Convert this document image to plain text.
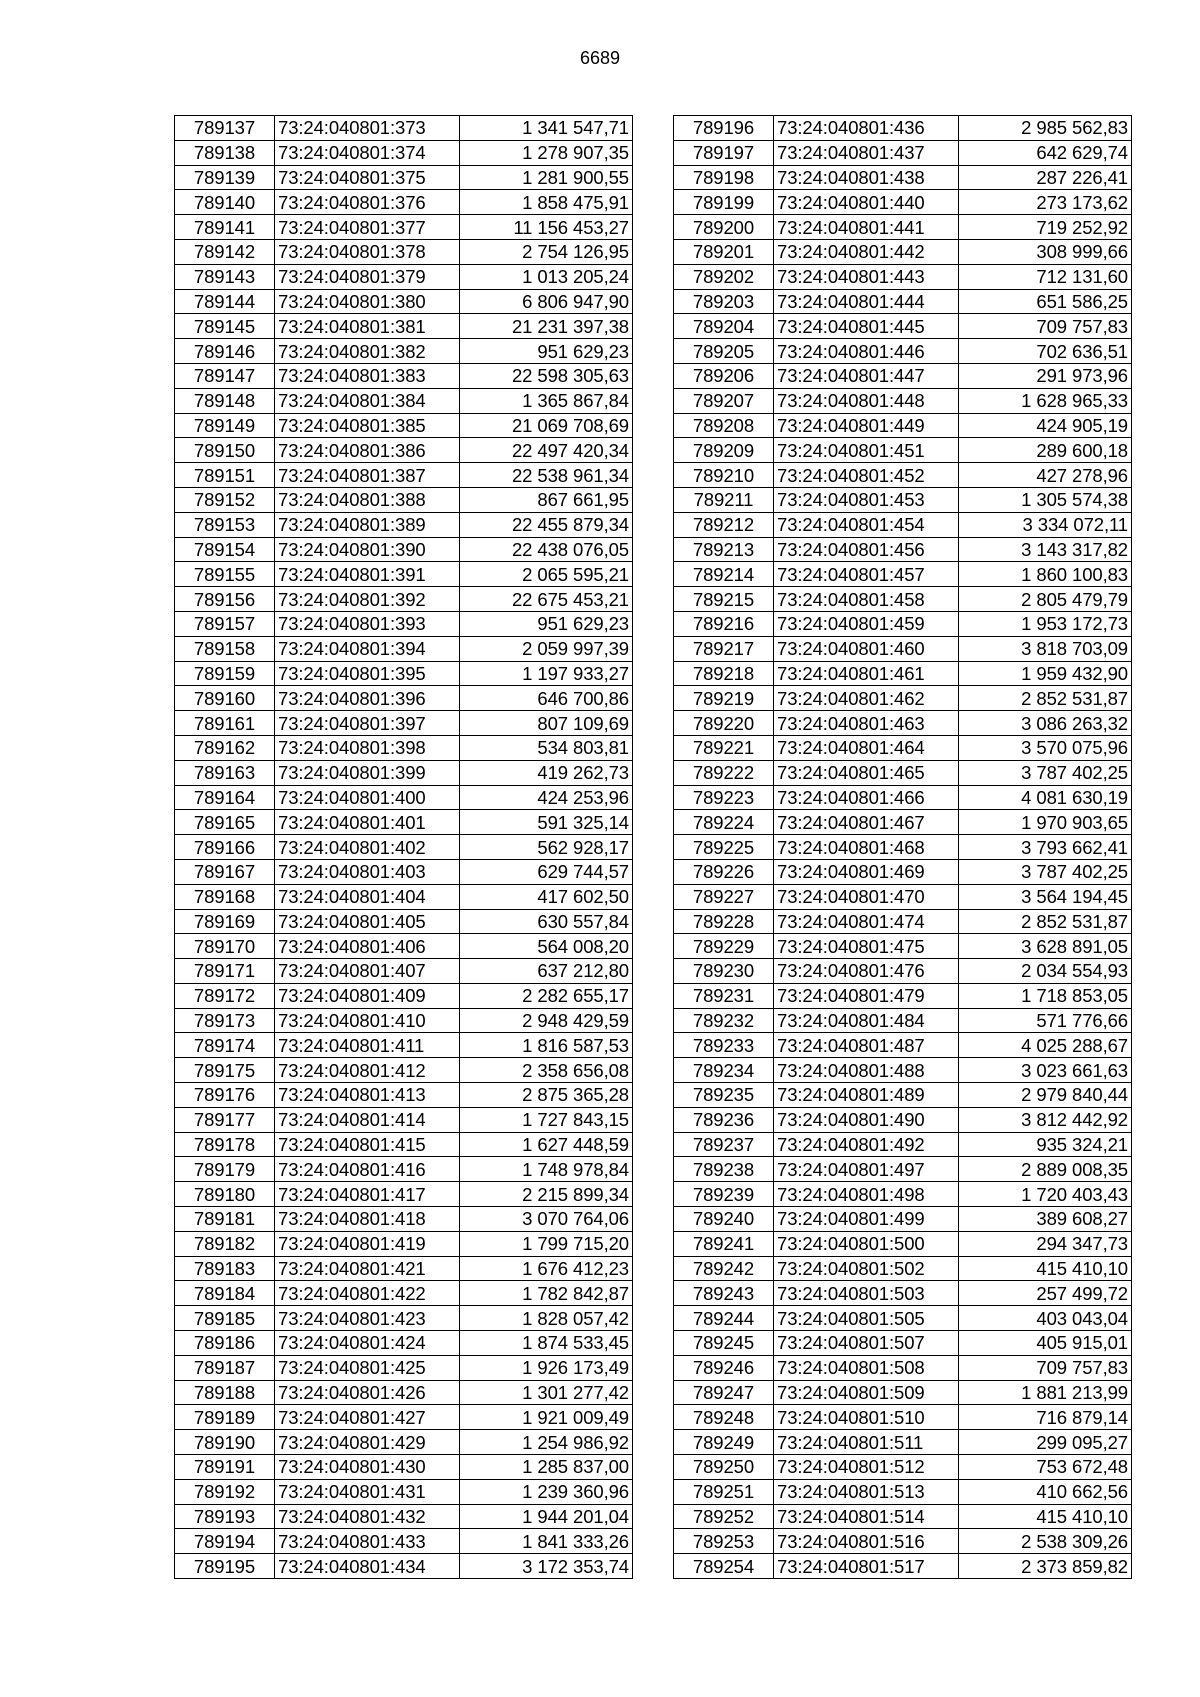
6689
789137	73:24:040801:373	1 341 547,71
789138	73:24:040801:374	1 278 907,35
789139	73:24:040801:375	1 281 900,55
789140	73:24:040801:376	1 858 475,91
789141	73:24:040801:377	11 156 453,27
789142	73:24:040801:378	2 754 126,95
789143	73:24:040801:379	1 013 205,24
789144	73:24:040801:380	6 806 947,90
789145	73:24:040801:381	21 231 397,38
789146	73:24:040801:382	951 629,23
789147	73:24:040801:383	22 598 305,63
789148	73:24:040801:384	1 365 867,84
789149	73:24:040801:385	21 069 708,69
789150	73:24:040801:386	22 497 420,34
789151	73:24:040801:387	22 538 961,34
789152	73:24:040801:388	867 661,95
789153	73:24:040801:389	22 455 879,34
789154	73:24:040801:390	22 438 076,05
789155	73:24:040801:391	2 065 595,21
789156	73:24:040801:392	22 675 453,21
789157	73:24:040801:393	951 629,23
789158	73:24:040801:394	2 059 997,39
789159	73:24:040801:395	1 197 933,27
789160	73:24:040801:396	646 700,86
789161	73:24:040801:397	807 109,69
789162	73:24:040801:398	534 803,81
789163	73:24:040801:399	419 262,73
789164	73:24:040801:400	424 253,96
789165	73:24:040801:401	591 325,14
789166	73:24:040801:402	562 928,17
789167	73:24:040801:403	629 744,57
789168	73:24:040801:404	417 602,50
789169	73:24:040801:405	630 557,84
789170	73:24:040801:406	564 008,20
789171	73:24:040801:407	637 212,80
789172	73:24:040801:409	2 282 655,17
789173	73:24:040801:410	2 948 429,59
789174	73:24:040801:411	1 816 587,53
789175	73:24:040801:412	2 358 656,08
789176	73:24:040801:413	2 875 365,28
789177	73:24:040801:414	1 727 843,15
789178	73:24:040801:415	1 627 448,59
789179	73:24:040801:416	1 748 978,84
789180	73:24:040801:417	2 215 899,34
789181	73:24:040801:418	3 070 764,06
789182	73:24:040801:419	1 799 715,20
789183	73:24:040801:421	1 676 412,23
789184	73:24:040801:422	1 782 842,87
789185	73:24:040801:423	1 828 057,42
789186	73:24:040801:424	1 874 533,45
789187	73:24:040801:425	1 926 173,49
789188	73:24:040801:426	1 301 277,42
789189	73:24:040801:427	1 921 009,49
789190	73:24:040801:429	1 254 986,92
789191	73:24:040801:430	1 285 837,00
789192	73:24:040801:431	1 239 360,96
789193	73:24:040801:432	1 944 201,04
789194	73:24:040801:433	1 841 333,26
789195	73:24:040801:434	3 172 353,74
789196	73:24:040801:436	2 985 562,83
789197	73:24:040801:437	642 629,74
789198	73:24:040801:438	287 226,41
789199	73:24:040801:440	273 173,62
789200	73:24:040801:441	719 252,92
789201	73:24:040801:442	308 999,66
789202	73:24:040801:443	712 131,60
789203	73:24:040801:444	651 586,25
789204	73:24:040801:445	709 757,83
789205	73:24:040801:446	702 636,51
789206	73:24:040801:447	291 973,96
789207	73:24:040801:448	1 628 965,33
789208	73:24:040801:449	424 905,19
789209	73:24:040801:451	289 600,18
789210	73:24:040801:452	427 278,96
789211	73:24:040801:453	1 305 574,38
789212	73:24:040801:454	3 334 072,11
789213	73:24:040801:456	3 143 317,82
789214	73:24:040801:457	1 860 100,83
789215	73:24:040801:458	2 805 479,79
789216	73:24:040801:459	1 953 172,73
789217	73:24:040801:460	3 818 703,09
789218	73:24:040801:461	1 959 432,90
789219	73:24:040801:462	2 852 531,87
789220	73:24:040801:463	3 086 263,32
789221	73:24:040801:464	3 570 075,96
789222	73:24:040801:465	3 787 402,25
789223	73:24:040801:466	4 081 630,19
789224	73:24:040801:467	1 970 903,65
789225	73:24:040801:468	3 793 662,41
789226	73:24:040801:469	3 787 402,25
789227	73:24:040801:470	3 564 194,45
789228	73:24:040801:474	2 852 531,87
789229	73:24:040801:475	3 628 891,05
789230	73:24:040801:476	2 034 554,93
789231	73:24:040801:479	1 718 853,05
789232	73:24:040801:484	571 776,66
789233	73:24:040801:487	4 025 288,67
789234	73:24:040801:488	3 023 661,63
789235	73:24:040801:489	2 979 840,44
789236	73:24:040801:490	3 812 442,92
789237	73:24:040801:492	935 324,21
789238	73:24:040801:497	2 889 008,35
789239	73:24:040801:498	1 720 403,43
789240	73:24:040801:499	389 608,27
789241	73:24:040801:500	294 347,73
789242	73:24:040801:502	415 410,10
789243	73:24:040801:503	257 499,72
789244	73:24:040801:505	403 043,04
789245	73:24:040801:507	405 915,01
789246	73:24:040801:508	709 757,83
789247	73:24:040801:509	1 881 213,99
789248	73:24:040801:510	716 879,14
789249	73:24:040801:511	299 095,27
789250	73:24:040801:512	753 672,48
789251	73:24:040801:513	410 662,56
789252	73:24:040801:514	415 410,10
789253	73:24:040801:516	2 538 309,26
789254	73:24:040801:517	2 373 859,82
